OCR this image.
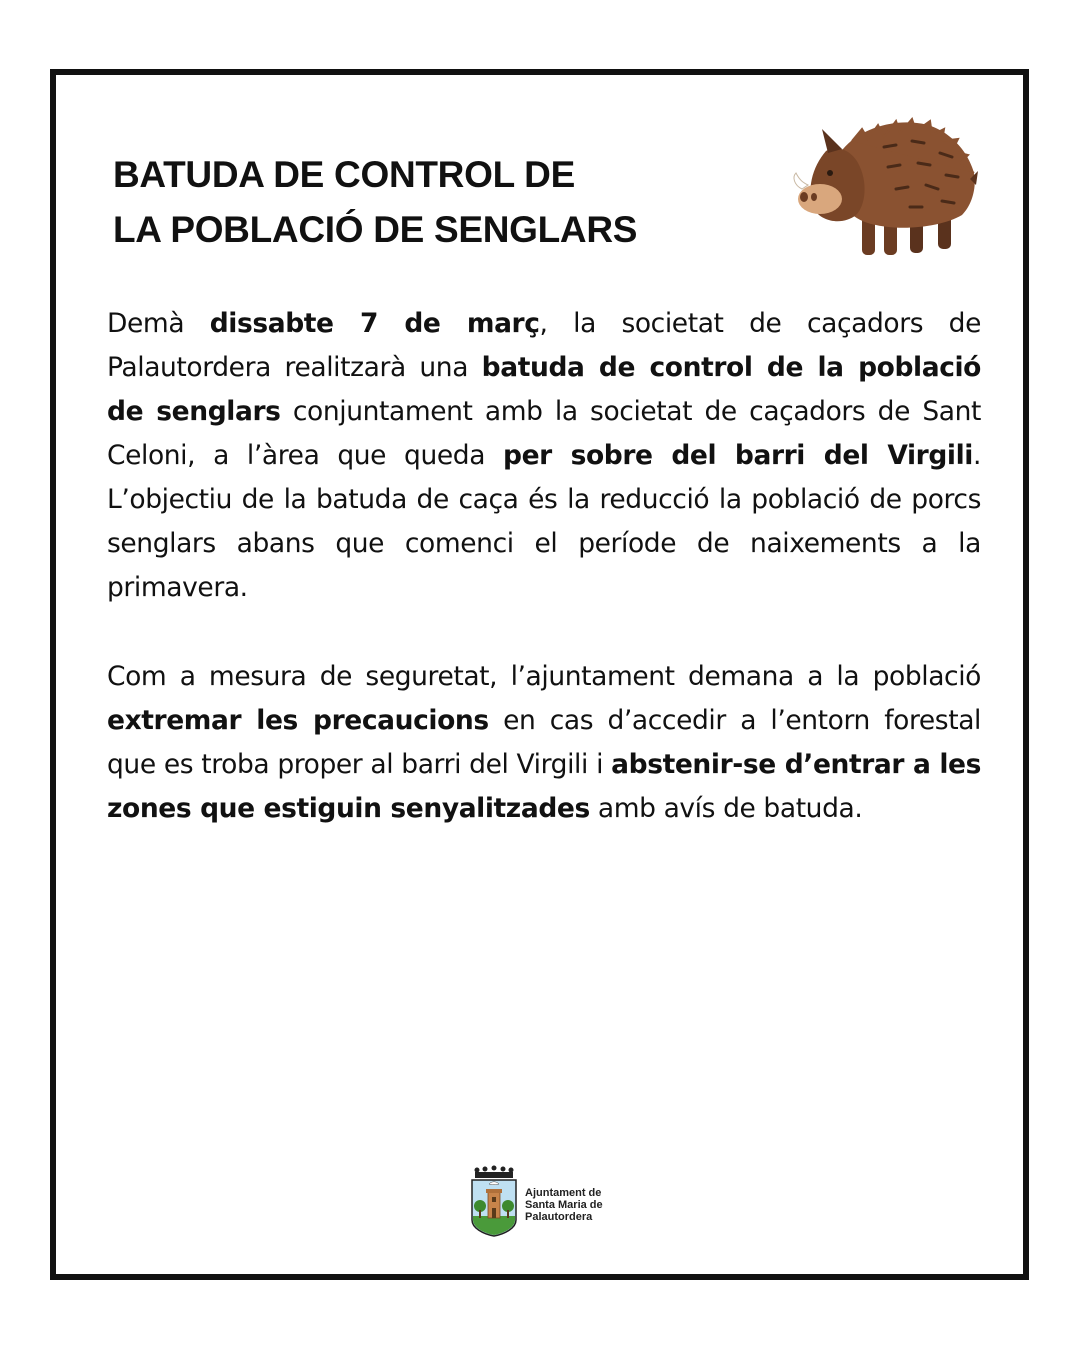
BATUDA DE CONTROL DE
LA POBLACIÓ DE SENGLARS

Demà dissabte 7 de març, la societat de caçadors de Palautordera realitzarà una batuda de control de la població de senglars conjuntament amb la societat de caçadors de Sant Celoni, a l’àrea que queda per sobre del barri del Virgili. L’objectiu de la batuda de caça és la reducció la població de porcs senglars abans que comenci el període de naixements a la primavera.

Com a mesura de seguretat, l’ajuntament demana a la població extremar les precaucions en cas d’accedir a l’entorn forestal que es troba proper al barri del Virgili i abstenir-se d’entrar a les zones que estiguin senyalitzades amb avís de batuda.

Ajuntament de
Santa Maria de
Palautordera
